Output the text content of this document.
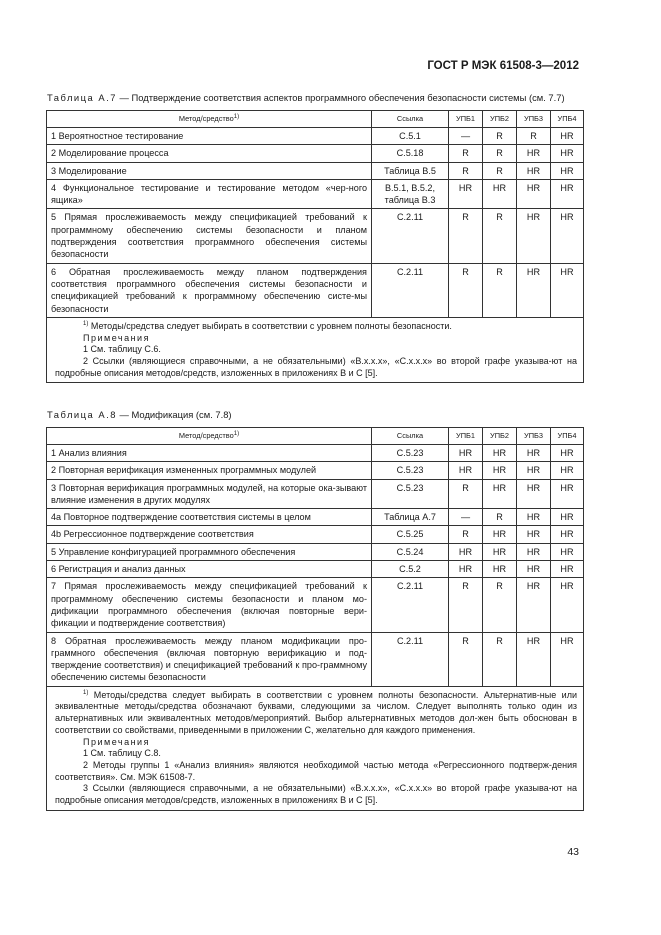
ГОСТ Р МЭК 61508-3—2012
Таблица А.7 — Подтверждение соответствия аспектов программного обеспечения безопасности системы (см. 7.7)
Метод/средство$^{1)}$	Ссылка	УПБ1	УПБ2	УПБ3	УПБ4
1 Вероятностное тестирование	С.5.1	—	R	R	HR
2 Моделирование процесса	С.5.18	R	R	HR	HR
3 Моделирование	Таблица В.5	R	R	HR	HR
4 Функциональное тестирование и тестирование методом «чер-ного ящика»	В.5.1, В.5.2, таблица В.3	HR	HR	HR	HR
5 Прямая прослеживаемость между спецификацией требований к программному обеспечению системы безопасности и планом подтверждения соответствия программного обеспечения системы безопасности	С.2.11	R	R	HR	HR
6 Обратная прослеживаемость между планом подтверждения соответствия программного обеспечения системы безопасности и спецификацией требований к программному обеспечению систе-мы безопасности	С.2.11	R	R	HR	HR

$^{1)}$ Методы/средства следует выбирать в соответствии с уровнем полноты безопасности.
Примечания
1 См. таблицу С.6.
2 Ссылки (являющиеся справочными, а не обязательными) «В.х.х.х», «С.х.х.х» во второй графе указыва-ют на подробные описания методов/средств, изложенных в приложениях В и С [5].					
Таблица А.8 — Модификация (см. 7.8)
Метод/средство$^{1)}$	Ссылка	УПБ1	УПБ2	УПБ3	УПБ4
1 Анализ влияния	С.5.23	HR	HR	HR	HR
2 Повторная верификация измененных программных модулей	С.5.23	HR	HR	HR	HR
3 Повторная верификация программных модулей, на которые ока-зывают влияние изменения в других модулях	С.5.23	R	HR	HR	HR
4а Повторное подтверждение соответствия системы в целом	Таблица А.7	—	R	HR	HR
4b Регрессионное подтверждение соответствия	С.5.25	R	HR	HR	HR
5 Управление конфигурацией программного обеспечения	С.5.24	HR	HR	HR	HR
6 Регистрация и анализ данных	С.5.2	HR	HR	HR	HR
7 Прямая прослеживаемость между спецификацией требований к программному обеспечению системы безопасности и планом мо-дификации программного обеспечения (включая повторные вери-фикации и подтверждение соответствия)	С.2.11	R	R	HR	HR
8 Обратная прослеживаемость между планом модификации про-граммного обеспечения (включая повторную верификацию и под-тверждение соответствия) и спецификацией требований к про-граммному обеспечению системы безопасности	С.2.11	R	R	HR	HR

$^{1)}$ Методы/средства следует выбирать в соответствии с уровнем полноты безопасности. Альтернатив-ные или эквивалентные методы/средства обозначают буквами, следующими за числом. Следует выполнять только один из альтернативных или эквивалентных методов/мероприятий. Выбор альтернативных методов дол-жен быть обоснован в соответствии со свойствами, приведенными в приложении С, желательно для каждого применения.
Примечания
1 См. таблицу С.8.
2 Методы группы 1 «Анализ влияния» являются необходимой частью метода «Регрессионного подтверж-дения соответствия». См. МЭК 61508-7.
3 Ссылки (являющиеся справочными, а не обязательными) «В.х.х.х», «С.х.х.х» во второй графе указыва-ют на подробные описания методов/средств, изложенных в приложениях В и С [5].					
43
